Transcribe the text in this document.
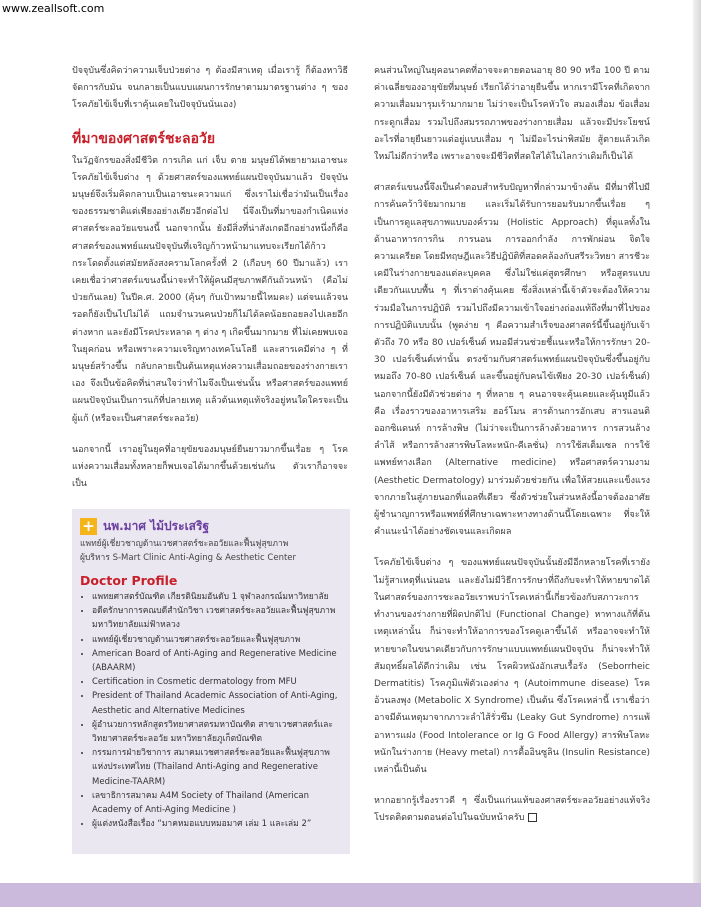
www.zeallsoft.com

ปัจจุบันซึ่งคิดว่าความเจ็บป่วยต่าง ๆ ต้องมีสาเหตุ เมื่อเรารู้ ก็ต้องหาวิธีจัดการกับมัน จนกลายเป็นแบบแผนการรักษาตามมาตรฐานต่าง ๆ ของโรคภัยไข้เจ็บที่เราคุ้นเคยในปัจจุบันนั่นเอง)

ที่มาของศาสตร์ชะลอวัย

ในวัฏจักรของสิ่งมีชีวิต การเกิด แก่ เจ็บ ตาย มนุษย์ได้พยายามเอาชนะโรคภัยไข้เจ็บต่าง ๆ ด้วยศาสตร์ของแพทย์แผนปัจจุบันมาแล้ว ปัจจุบันมนุษย์จึงเริ่มคิดกลาบเป็นเอาชนะความแก่ ซึ่งเราไม่เชื่อว่ามันเป็นเรื่องของธรรมชาติแต่เพียงอย่างเดียวอีกต่อไป นี่จึงเป็นที่มาของกำเนิดแห่งศาสตร์ชะลอวัยแขนงนี้ นอกจากนั้น ยังมีสิ่งที่น่าสังเกตอีกอย่างหนึ่งก็คือศาสตร์ของแพทย์แผนปัจจุบันที่เจริญก้าวหน้ามาแทบจะเรียกได้ก้าวกระโดดตั้งแต่สมัยหลังสงครามโลกครั้งที่ 2 (เกือบๆ 60 ปีมาแล้ว) เราเคยเชื่อว่าศาสตร์แขนงนี้น่าจะทำให้ผู้คนมีสุขภาพดีกันถ้วนหน้า (คือไม่ป่วยกันเลย) ในปีค.ศ. 2000 (คุ้นๆ กับเป้าหมายนี้ไหมคะ) แต่จนแล้วจนรอดก็ยังเป็นไปไม่ได้ แถมจำนวนคนป่วยก็ไม่ได้ลดน้อยถอยลงไปเลยอีกต่างหาก และยังมีโรคประหลาด ๆ ต่าง ๆ เกิดขึ้นมากมาย ที่ไม่เคยพบเจอในยุคก่อน หรือเพราะความเจริญทางเทคโนโลยี และสารเคมีต่าง ๆ ที่มนุษย์สร้างขึ้น กลับกลายเป็นต้นเหตุแห่งความเสื่อมถอยของร่างกายเราเอง จึงเป็นข้อคิดที่น่าสนใจว่าทำไมจึงเป็นเช่นนั้น หรือศาสตร์ของแพทย์แผนปัจจุบันเป็นการแก้ที่ปลายเหตุ แล้วต้นเหตุแท้จริงอยู่หนใดใครจะเป็นผู้แก้ (หรือจะเป็นศาสตร์ชะลอวัย)

นอกจากนี้ เราอยู่ในยุคที่อายุขัยของมนุษย์ยืนยาวมากขึ้นเรื่อย ๆ โรคแห่งความเสื่อมทั้งหลายก็พบเจอได้มากขึ้นด้วยเช่นกัน ตัวเราก็อาจจะเป็น

+ นพ.มาศ ไม้ประเสริฐ
แพทย์ผู้เชี่ยวชาญด้านเวชศาสตร์ชะลอวัยและฟื้นฟูสุขภาพ
ผู้บริหาร S-Mart Clinic Anti-Aging & Aesthetic Center
Doctor Profile
• แพทยศาสตร์บัณฑิต เกียรตินิยมอันดับ 1 จุฬาลงกรณ์มหาวิทยาลัย
• อดีตรักษาการคณบดีสำนักวิชา เวชศาสตร์ชะลอวัยและฟื้นฟูสุขภาพ มหาวิทยาลัยแม่ฟ้าหลวง
• แพทย์ผู้เชี่ยวชาญด้านเวชศาสตร์ชะลอวัยและฟื้นฟูสุขภาพ
• American Board of Anti-Aging and Regenerative Medicine (ABAARM)
• Certification in Cosmetic dermatology from MFU
• President of Thailand Academic Association of Anti-Aging, Aesthetic and Alternative Medicines
• ผู้อำนวยการหลักสูตรวิทยาศาสตรมหาบัณฑิต สาขาเวชศาสตร์และวิทยาศาสตร์ชะลอวัย มหาวิทยาลัยภูเก็ตบัณฑิต
• กรรมการฝ่ายวิชาการ สมาคมเวชศาสตร์ชะลอวัยและฟื้นฟูสุขภาพแห่งประเทศไทย (Thailand Anti-Aging and Regenerative Medicine-TAARM)
• เลขาธิการสมาคม A4M Society of Thailand (American Academy of Anti-Aging Medicine )
• ผู้แต่งหนังสือเรื่อง “มาคหมอแบบหมอมาศ เล่ม 1 และเล่ม 2”

คนส่วนใหญ่ในยุคอนาคตที่อาจจะตายตอนอายุ 80 90 หรือ 100 ปี ตามค่าเฉลี่ยของอายุขัยที่มนุษย์ เรียกได้ว่าอายุยืนขึ้น หากเรามีโรคที่เกิดจากความเสื่อมมารุมเร้ามากมาย ไม่ว่าจะเป็นโรคหัวใจ สมองเสื่อม ข้อเสื่อม กระดูกเสื่อม รวมไปถึงสมรรถภาพของร่างกายเสื่อม แล้วจะมีประโยชน์อะไรที่อายุยืนยาวแต่อยู่แบบเสื่อม ๆ ไม่มีอะไรน่าพิสมัย สู้ตายแล้วเกิดใหม่ไม่ดีกว่าหรือ เพราะอาจจะมีชีวิตที่สดใสได้ในไลกว่าเดิมก็เป็นได้

ศาสตร์แขนงนี้จึงเป็นคำตอบสำหรับปัญหาที่กล่าวมาข้างต้น มีที่มาที่ไปมีการค้นคว้าวิจัยมากมาย และเริ่มได้รับการยอมรับมากขึ้นเรื่อย ๆ เป็นการดูแลสุขภาพแบบองค์รวม (Holistic Approach) ที่ดูแลทั้งในด้านอาหารการกิน การนอน การออกกำลัง การพักผ่อน จิตใจ ความเครียด โดยมีทฤษฎีและวิธีปฏิบัติที่สอดคล้องกับสรีระวิทยา สารชีวะเคมีในร่างกายของแต่ละบุคคล ซึ่งไม่ใช่แค่สูตรศึกษา หรือสูตรแบบเดียวกันแบบพื้น ๆ ที่เราต่างคุ้นเคย ซึ่งสิ่งเหล่านี้เจ้าตัวจะต้องให้ความร่วมมือในการปฏิบัติ รวมไปถึงมีความเข้าใจอย่างถ่องแท้ถึงที่มาที่ไปของการปฏิบัติแบบนั้น (พูดง่าย ๆ คือความสำเร็จของศาสตร์นี้ขึ้นอยู่กับเจ้าตัวถึง 70 หรือ 80 เปอร์เซ็นต์ หมอมีส่วนช่วยชี้แนะหรือให้การรักษา 20-30 เปอร์เซ็นต์เท่านั้น ตรงข้ามกับศาสตร์แพทย์แผนปัจจุบันซึ่งขึ้นอยู่กับหมอถึง 70-80 เปอร์เซ็นต์ และขึ้นอยู่กับคนไข้เพียง 20-30 เปอร์เซ็นต์) นอกจากนี้ยังมีตัวช่วยต่าง ๆ ที่หลาย ๆ คนอาจจะคุ้นเคยและคุ้นหูมีแล้วคือ เรื่องราวของอาหารเสริม ฮอร์โมน สารต้านการอักเสบ สารแอนติออกซิแดนท์ การล้างพิษ (ไม่ว่าจะเป็นการล้างด้วยอาหาร การสวนล้างลำไส้ หรือการล้างสารพิษโลหะหนัก-คีเลชั่น) การใช้สเต็มเซล การใช้แพทย์ทางเลือก (Alternative medicine) หรือศาสตร์ความงาม (Aesthetic Dermatology) มาร่วมด้วยช่วยกัน เพื่อให้สวยและแข็งแรงจากภายในสู่ภายนอกที่แอลที่เดียว ซึ่งตัวช่วยในส่วนหลังนี้อาจต้องอาศัยผู้ชำนาญการหรือแพทย์ที่ศึกษาเฉพาะทางทางด้านนี้โดยเฉพาะ ที่จะให้คำแนะนำได้อย่างชัดเจนและเกิดผล

โรคภัยไข้เจ็บต่าง ๆ ของแพทย์แผนปัจจุบันนั้นยังมีอีกหลายโรคที่เรายังไม่รู้สาเหตุที่แน่นอน และยังไม่มีวิธีการรักษาที่ถึงกับจะทำให้หายขาดได้ ในศาสตร์ของการชะลอวัยเราพบว่าโรคเหล่านี้เกี่ยวข้องกับสภาวะการทำงานของร่างกายที่ผิดปกติไป (Functional Change) หาทางแก้ที่ต้นเหตุเหล่านั้น ก็น่าจะทำให้อาการของโรคดูเลาขึ้นได้ หรืออาจจะทำให้หายขาดในขนาดเดียวกับการรักษาแบบแพทย์แผนปัจจุบัน ก็น่าจะทำให้สัมฤทธิ์ผลได้ดีกว่าเดิม เช่น โรคผิวหนังอักเสบเรื้อรัง (Seborrheic Dermatitis) โรคภูมิแพ้ตัวเองต่าง ๆ (Autoimmune disease) โรคอ้วนลงพุง (Metabolic X Syndrome) เป็นต้น ซึ่งโรคเหล่านี้ เราเชื่อว่าอาจมีต้นเหตุมาจากภาวะลำไส้รั่วซึม (Leaky Gut Syndrome) การแพ้อาหารแฝง (Food Intolerance or Ig G Food Allergy) สารพิษโลหะหนักในร่างกาย (Heavy metal) การดื้ออินซูลิน (Insulin Resistance) เหล่านี้เป็นต้น

หากอยากรู้เรื่องราวดี ๆ ซึ่งเป็นแก่นแท้ของศาสตร์ชะลอวัยอย่างแท้จริง โปรดติดตามตอนต่อไปในฉบับหน้าครับ
